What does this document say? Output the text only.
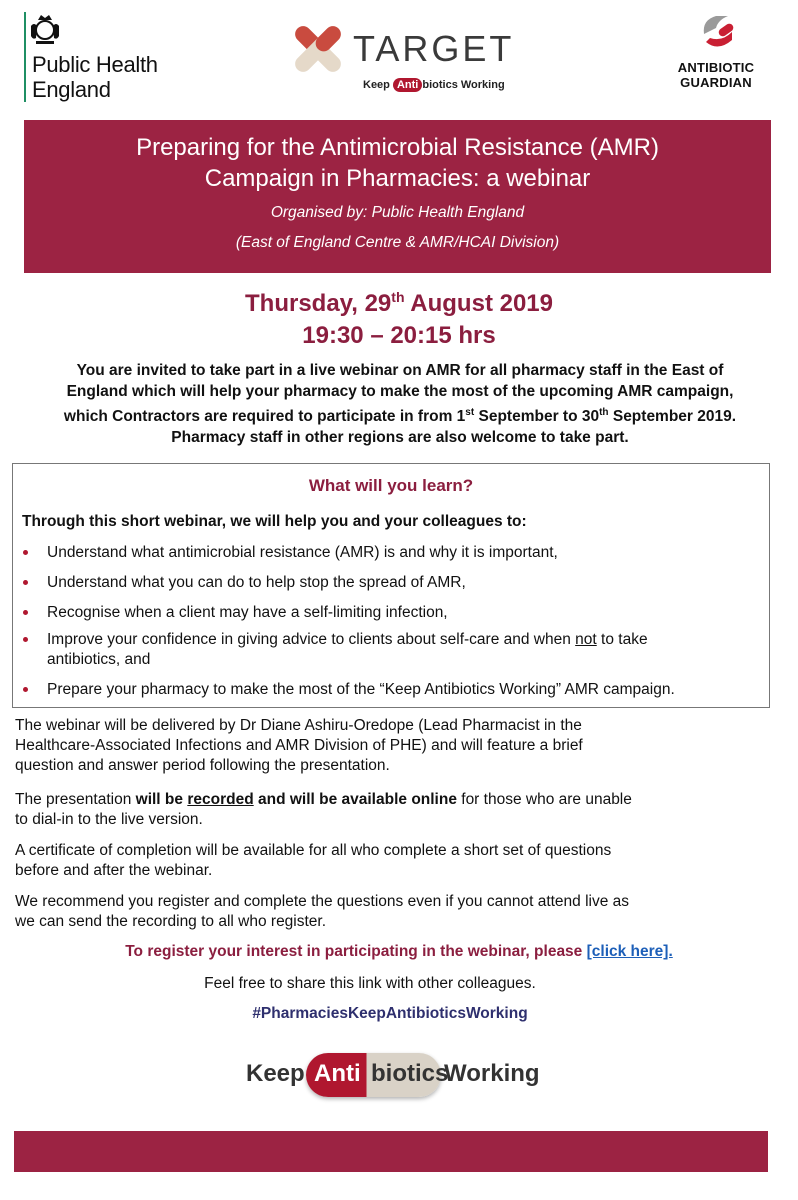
Public Health
England
TARGET
Keep Anti biotics Working
ANTIBIOTIC
GUARDIAN
Preparing for the Antimicrobial Resistance (AMR)
Campaign in Pharmacies: a webinar
Organised by: Public Health England
(East of England Centre & AMR/HCAI Division)
Thursday, 29th August 2019
19:30 – 20:15 hrs
You are invited to take part in a live webinar on AMR for all pharmacy staff in the East of
England which will help your pharmacy to make the most of the upcoming AMR campaign,
which Contractors are required to participate in from 1st September to 30th September 2019.
Pharmacy staff in other regions are also welcome to take part.
What will you learn?
Through this short webinar, we will help you and your colleagues to:
Understand what antimicrobial resistance (AMR) is and why it is important,
Understand what you can do to help stop the spread of AMR,
Recognise when a client may have a self-limiting infection,
Improve your confidence in giving advice to clients about self-care and when not to take
antibiotics, and
Prepare your pharmacy to make the most of the “Keep Antibiotics Working” AMR campaign.
The webinar will be delivered by Dr Diane Ashiru-Oredope (Lead Pharmacist in the
Healthcare-Associated Infections and AMR Division of PHE) and will feature a brief
question and answer period following the presentation.
The presentation will be recorded and will be available online for those who are unable
to dial-in to the live version.
A certificate of completion will be available for all who complete a short set of questions
before and after the webinar.
We recommend you register and complete the questions even if you cannot attend live as
we can send the recording to all who register.
To register your interest in participating in the webinar, please [click here].
Feel free to share this link with other colleagues.
#PharmaciesKeepAntibioticsWorking
Keep Anti biotics
Working
